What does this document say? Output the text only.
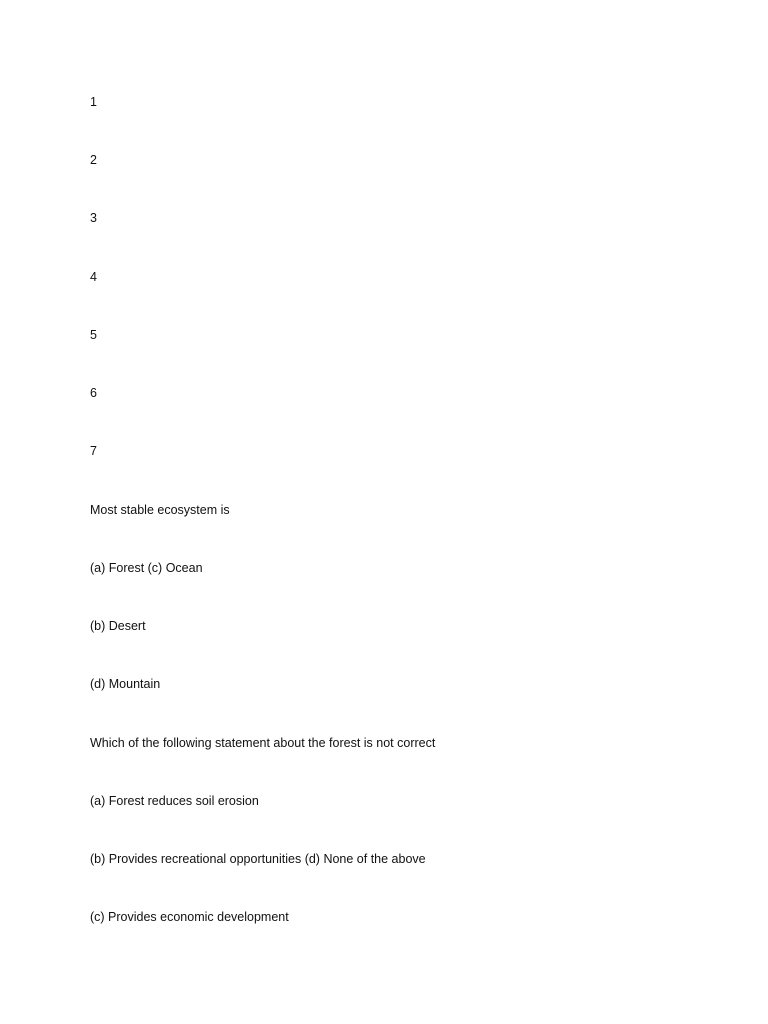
1
2
3
4
5
6
7
Most stable ecosystem is
(a) Forest (c) Ocean
(b) Desert
(d) Mountain
Which of the following statement about the forest is not correct
(a) Forest reduces soil erosion
(b) Provides recreational opportunities (d) None of the above
(c) Provides economic development
